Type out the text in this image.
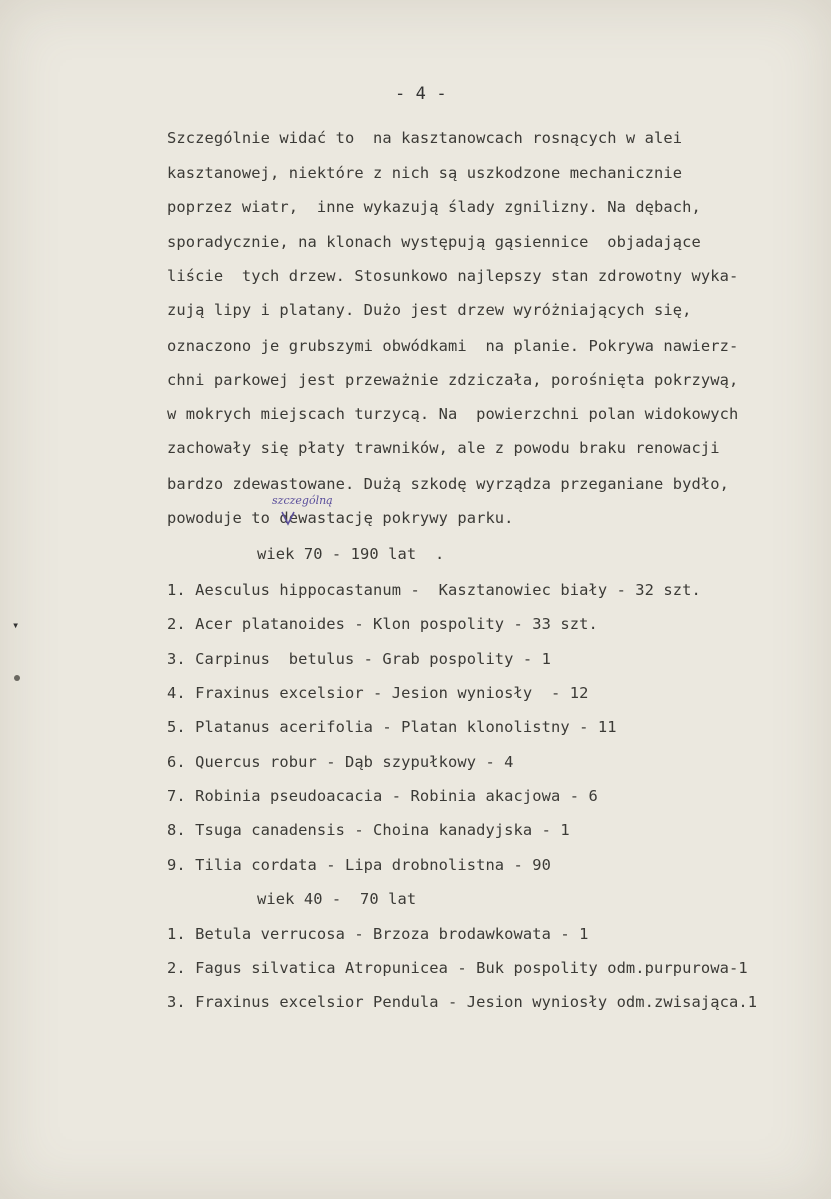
- 4 -
Szczególnie widać to  na kasztanowcach rosnących w alei
kasztanowej, niektóre z nich są uszkodzone mechanicznie
poprzez wiatr,  inne wykazują ślady zgnilizny. Na dębach,
sporadycznie, na klonach występują gąsiennice  objadające
liście  tych drzew. Stosunkowo najlepszy stan zdrowotny wyka-
zują lipy i platany. Dużo jest drzew wyróżniających się,
oznaczono je grubszymi obwódkami  na planie. Pokrywa nawierz-
chni parkowej jest przeważnie zdziczała, porośnięta pokrzywą,
w mokrych miejscach turzycą. Na  powierzchni polan widokowych
zachowały się płaty trawników, ale z powodu braku renowacji
bardzo zdewastowane. Dużą szkodę wyrządza przeganiane bydło,
powoduje to dewastację pokrywy parku.
szczególną
wiek 70 - 190 lat  .
1. Aesculus hippocastanum -  Kasztanowiec biały - 32 szt.
2. Acer platanoides - Klon pospolity - 33 szt.
3. Carpinus  betulus - Grab pospolity - 1
4. Fraxinus excelsior - Jesion wyniosły  - 12
5. Platanus acerifolia - Platan klonolistny - 11
6. Quercus robur - Dąb szypułkowy - 4
7. Robinia pseudoacacia - Robinia akacjowa - 6
8. Tsuga canadensis - Choina kanadyjska - 1
9. Tilia cordata - Lipa drobnolistna - 90
wiek 40 -  70 lat
1. Betula verrucosa - Brzoza brodawkowata - 1
2. Fagus silvatica Atropunicea - Buk pospolity odm.purpurowa-1
3. Fraxinus excelsior Pendula - Jesion wyniosły odm.zwisająca.1
▾
